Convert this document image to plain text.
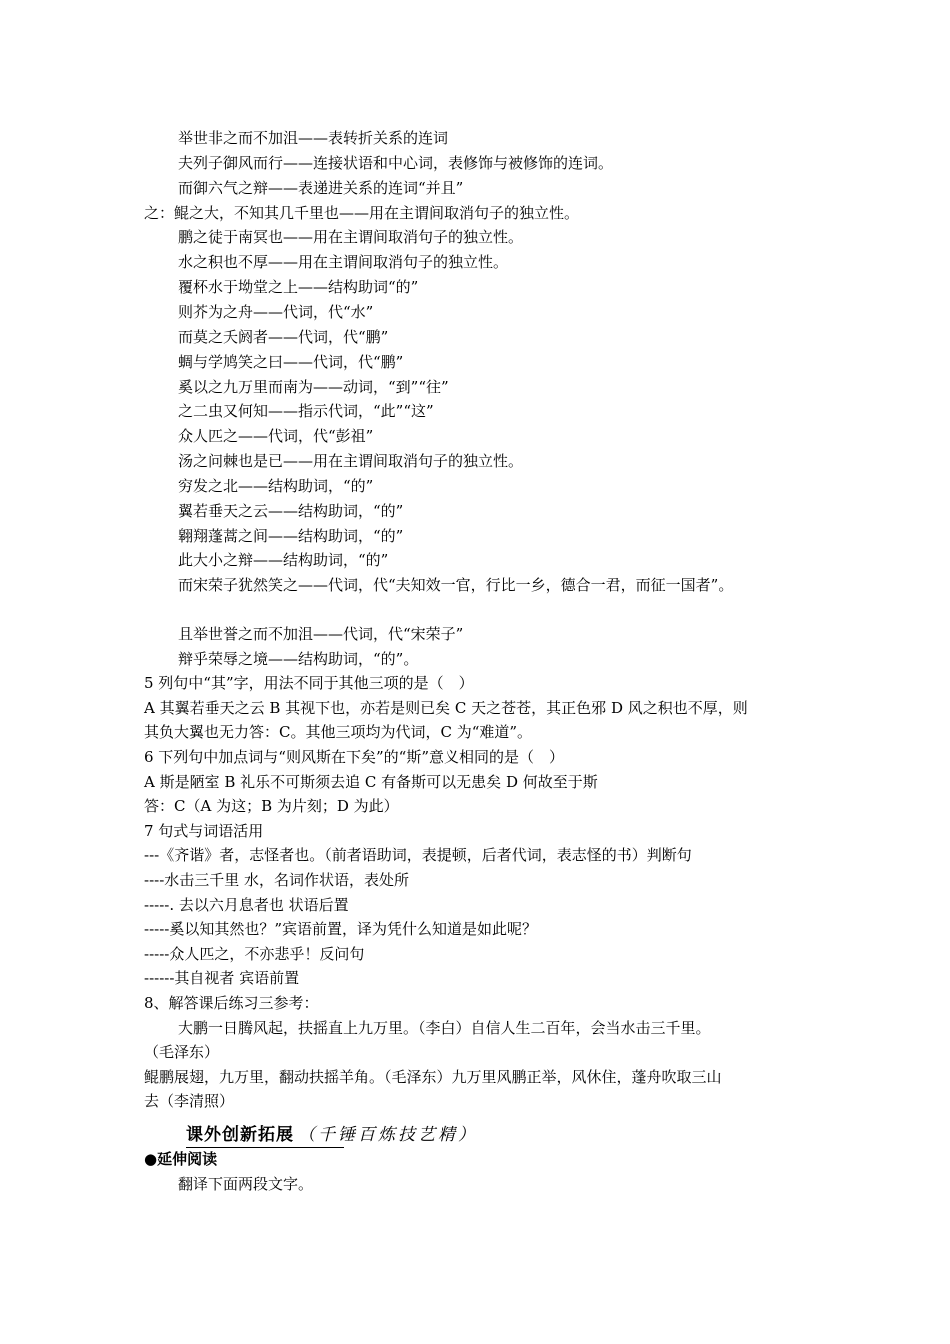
举世非之而不加沮——表转折关系的连词
夫列子御风而行——连接状语和中心词，表修饰与被修饰的连词。
而御六气之辩——表递进关系的连词“并且”
之：鲲之大，不知其几千里也——用在主谓间取消句子的独立性。
鹏之徒于南冥也——用在主谓间取消句子的独立性。
水之积也不厚——用在主谓间取消句子的独立性。
覆杯水于坳堂之上——结构助词“的”
则芥为之舟——代词，代“水”
而莫之夭阏者——代词，代“鹏”
蜩与学鸠笑之曰——代词，代“鹏”
奚以之九万里而南为——动词，“到”“往”
之二虫又何知——指示代词，“此”“这”
众人匹之——代词，代“彭祖”
汤之问棘也是已——用在主谓间取消句子的独立性。
穷发之北——结构助词，“的”
翼若垂天之云——结构助词，“的”
翱翔蓬蒿之间——结构助词，“的”
此大小之辩——结构助词，“的”
而宋荣子犹然笑之——代词，代“夫知效一官，行比一乡，德合一君，而征一国者”。
且举世誉之而不加沮——代词，代“宋荣子”
辩乎荣辱之境——结构助词，“的”。
5 列句中“其”字，用法不同于其他三项的是（　）
A 其翼若垂天之云 B 其视下也，亦若是则已矣 C 天之苍苍，其正色邪 D 风之积也不厚，则
其负大翼也无力答：C。其他三项均为代词，C 为“难道”。
6 下列句中加点词与“则风斯在下矣”的“斯”意义相同的是（　）
A 斯是陋室 B 礼乐不可斯须去追 C 有备斯可以无患矣 D 何故至于斯
答：C（A 为这；B 为片刻；D 为此）
7 句式与词语活用
---《齐谐》者，志怪者也。（前者语助词，表提顿，后者代词，表志怪的书）判断句
----水击三千里 水，名词作状语，表处所
-----. 去以六月息者也 状语后置
-----奚以知其然也？”宾语前置，译为凭什么知道是如此呢？
-----众人匹之，不亦悲乎！反问句
------其自视者 宾语前置
8、解答课后练习三参考：
大鹏一日腾风起，扶摇直上九万里。（李白）自信人生二百年，会当水击三千里。
（毛泽东）
鲲鹏展翅，九万里，翻动扶摇羊角。（毛泽东）九万里风鹏正举，风休住，蓬舟吹取三山
去（李清照）
课外创新拓展 （千锤百炼技艺精）
●延伸阅读
翻译下面两段文字。
